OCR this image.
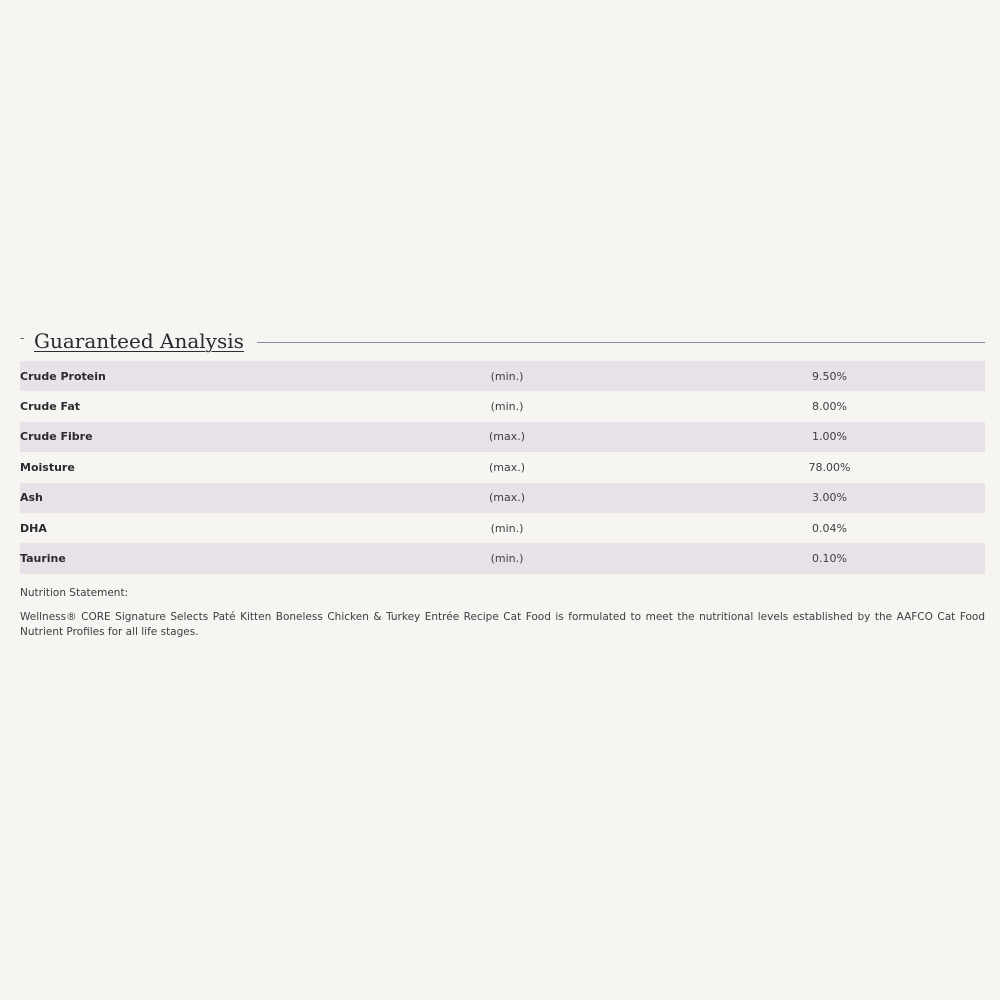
- Guaranteed Analysis
Crude Protein	(min.)	9.50%
Crude Fat	(min.)	8.00%
Crude Fibre	(max.)	1.00%
Moisture	(max.)	78.00%
Ash	(max.)	3.00%
DHA	(min.)	0.04%
Taurine	(min.)	0.10%
Nutrition Statement:
Wellness® CORE Signature Selects Paté Kitten Boneless Chicken & Turkey Entrée Recipe Cat Food is formulated to meet the nutritional levels established by the AAFCO Cat Food Nutrient Profiles for all life stages.
